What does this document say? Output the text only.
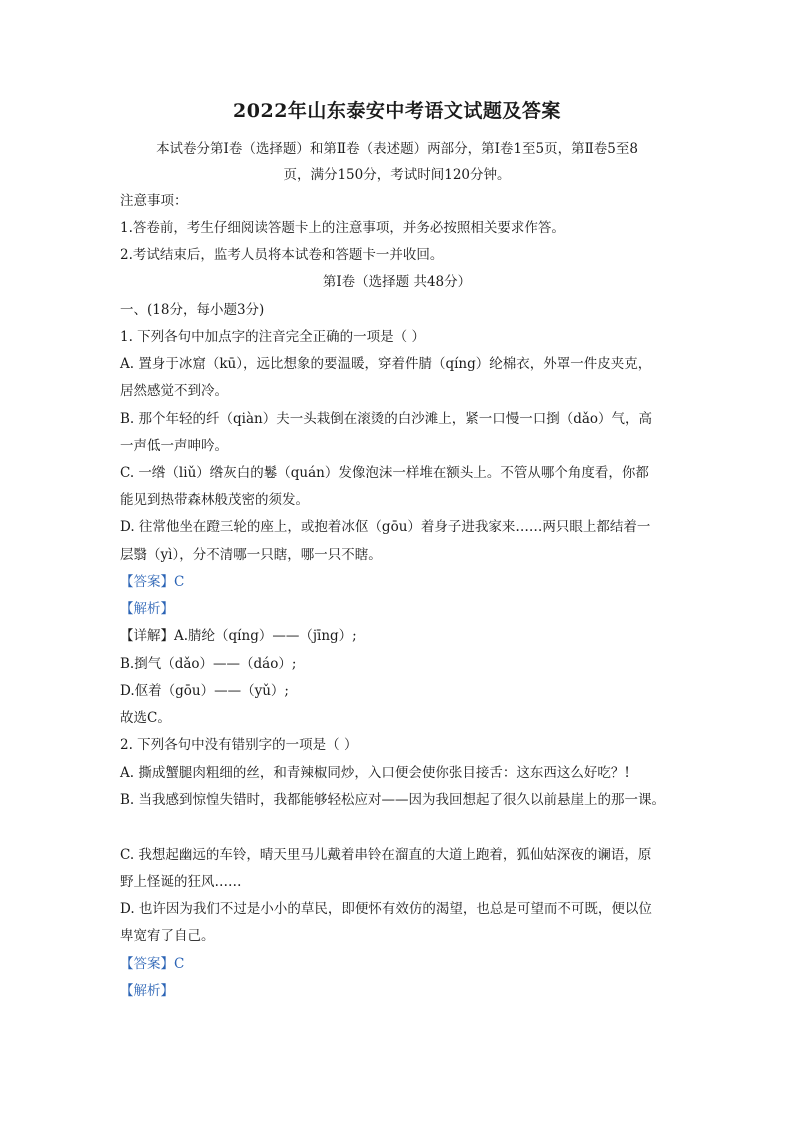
2022年山东泰安中考语文试题及答案
本试卷分第Ⅰ卷（选择题）和第Ⅱ卷（表述题）两部分，第Ⅰ卷1至5页，第Ⅱ卷5至8
页，满分150分，考试时间120分钟。
注意事项：
1.答卷前，考生仔细阅读答题卡上的注意事项，并务必按照相关要求作答。
2.考试结束后，监考人员将本试卷和答题卡一并收回。
第Ⅰ卷（选择题 共48分）
一、(18分，每小题3分)
1. 下列各句中加点字的注音完全正确的一项是（ ）
A. 置身于冰窟（kū），远比想象的要温暖，穿着件腈（qíng）纶棉衣，外罩一件皮夹克，
居然感觉不到冷。
B. 那个年轻的纤（qiàn）夫一头栽倒在滚烫的白沙滩上，紧一口慢一口捯（dǎo）气，高
一声低一声呻吟。
C. 一绺（liǔ）绺灰白的鬈（quán）发像泡沫一样堆在额头上。不管从哪个角度看，你都
能见到热带森林般茂密的须发。
D. 往常他坐在蹬三轮的座上，或抱着冰伛（gōu）着身子进我家来……两只眼上都结着一
层翳（yì），分不清哪一只瞎，哪一只不瞎。
【答案】C
【解析】
【详解】A.腈纶（qíng）——（jīng）;
B.捯气（dǎo）——（dáo）;
D.伛着（gōu）——（yǔ）;
故选C。
2. 下列各句中没有错别字的一项是（ ）
A. 撕成蟹腿肉粗细的丝，和青辣椒同炒，入口便会使你张目接舌：这东西这么好吃？!
B. 当我感到惊惶失错时，我都能够轻松应对——因为我回想起了很久以前悬崖上的那一课。
C. 我想起幽远的车铃，晴天里马儿戴着串铃在溜直的大道上跑着，狐仙姑深夜的谰语，原
野上怪诞的狂风……
D. 也许因为我们不过是小小的草民，即便怀有效仿的渴望，也总是可望而不可既，便以位
卑宽宥了自己。
【答案】C
【解析】
